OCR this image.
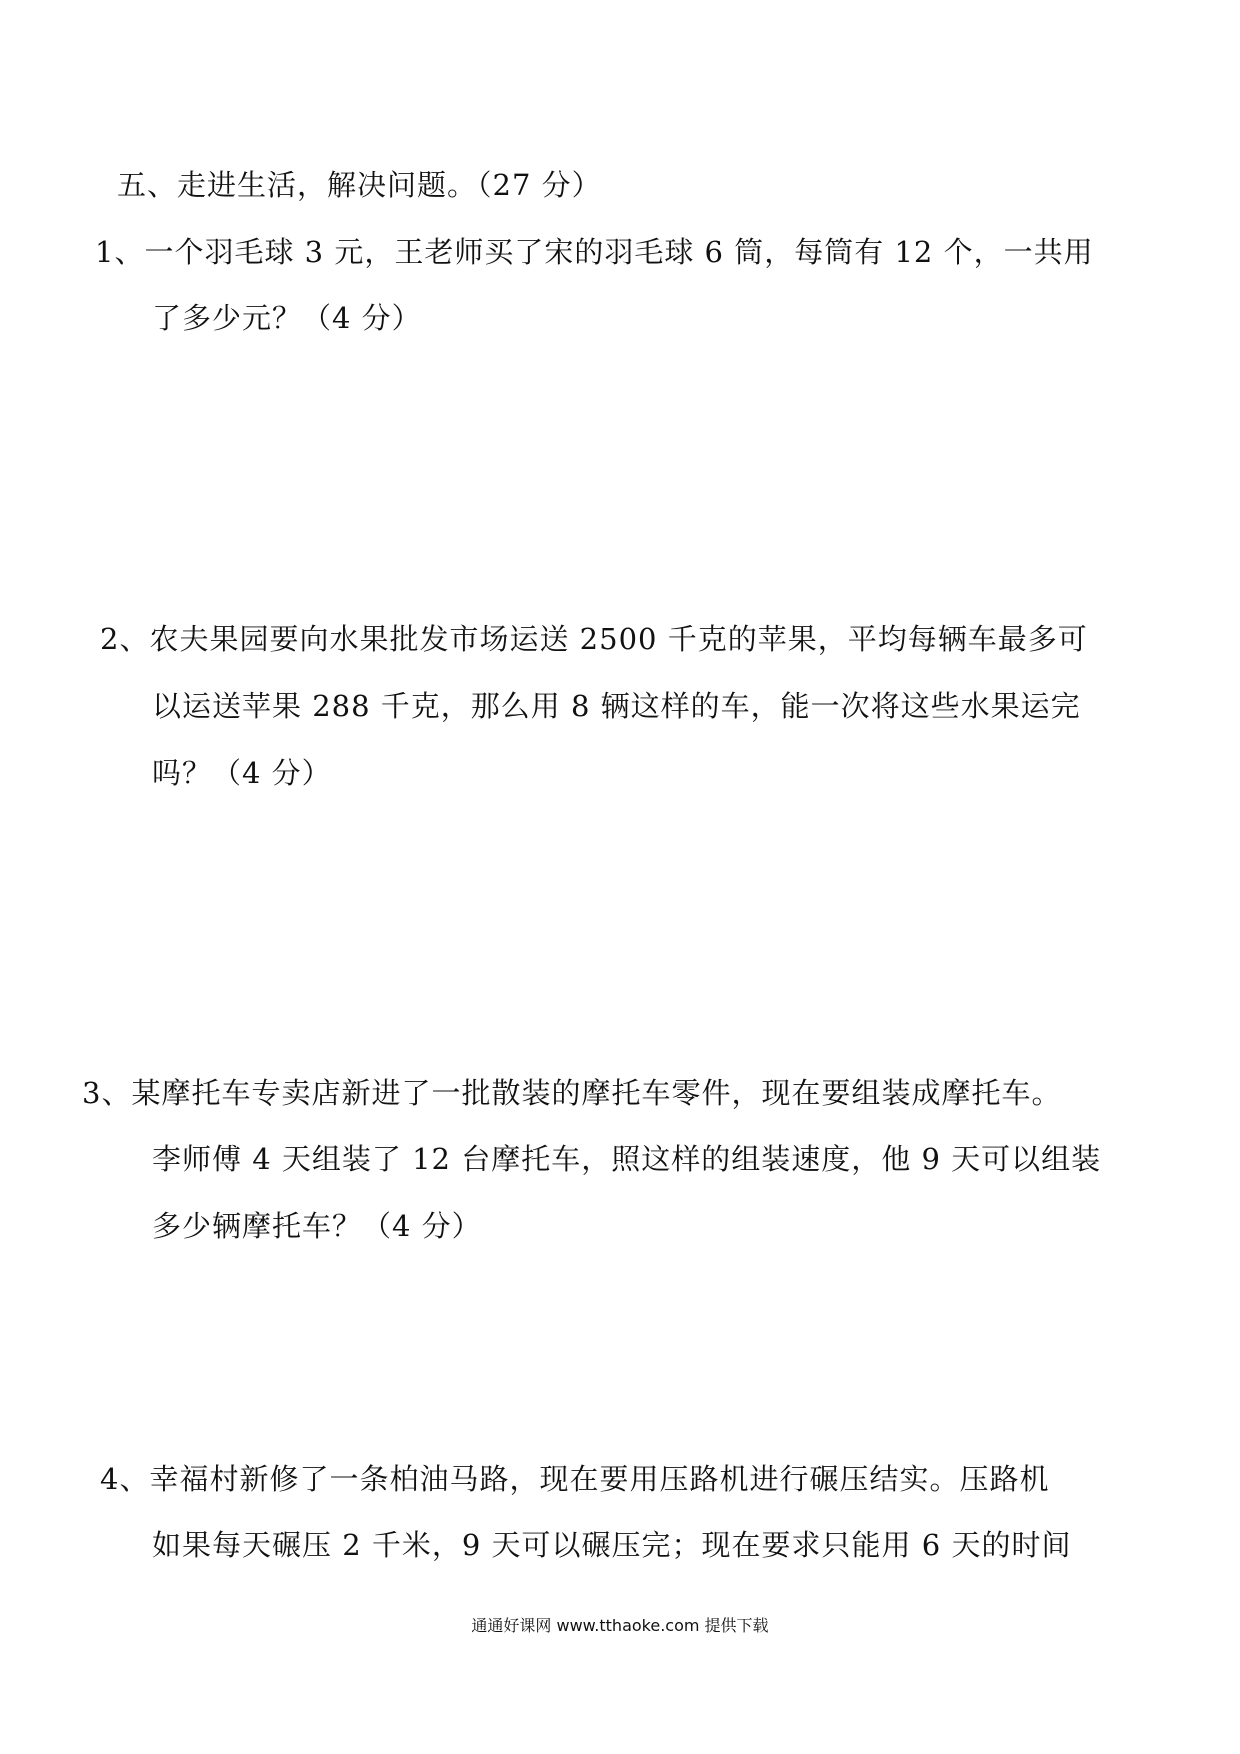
五、走进生活，解决问题。（27 分）
1、一个羽毛球 3 元，王老师买了宋的羽毛球 6 筒，每筒有 12 个，一共用
了多少元？（4 分）
2、农夫果园要向水果批发市场运送 2500 千克的苹果，平均每辆车最多可
以运送苹果 288 千克，那么用 8 辆这样的车，能一次将这些水果运完
吗？（4 分）
3、某摩托车专卖店新进了一批散装的摩托车零件，现在要组装成摩托车。
李师傅 4 天组装了 12 台摩托车，照这样的组装速度，他 9 天可以组装
多少辆摩托车？（4 分）
4、幸福村新修了一条柏油马路，现在要用压路机进行碾压结实。压路机
如果每天碾压 2 千米，9 天可以碾压完；现在要求只能用 6 天的时间
通通好课网 www.tthaoke.com 提供下载
